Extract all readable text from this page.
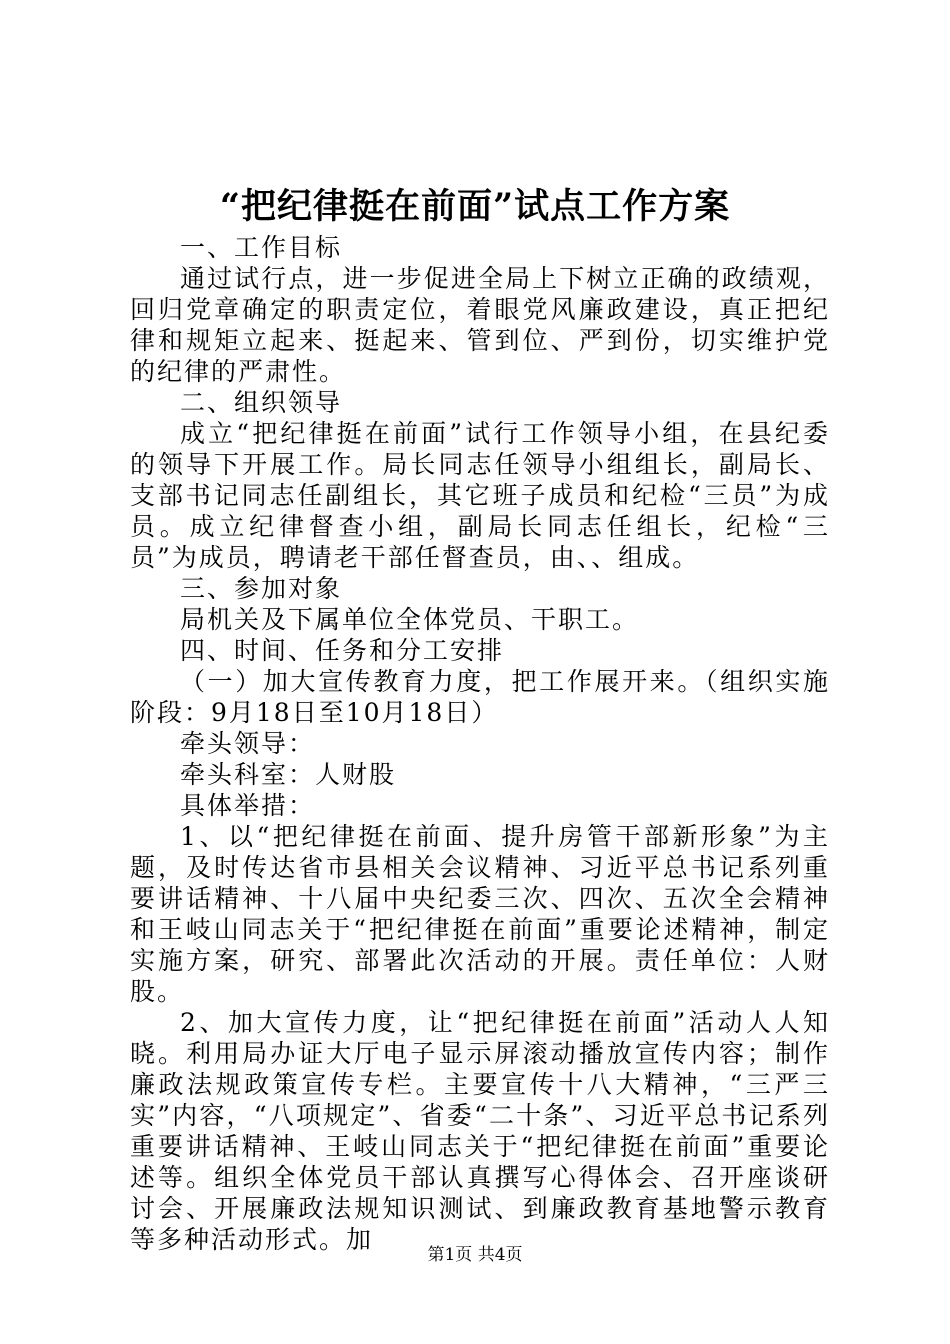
“把纪律挺在前面”试点工作方案

一、工作目标

通过试行点，进一步促进全局上下树立正确的政绩观，回归党章确定的职责定位，着眼党风廉政建设，真正把纪律和规矩立起来、挺起来、管到位、严到份，切实维护党的纪律的严肃性。

二、组织领导

成立“把纪律挺在前面”试行工作领导小组，在县纪委的领导下开展工作。局长同志任领导小组组长，副局长、支部书记同志任副组长，其它班子成员和纪检“三员”为成员。成立纪律督查小组，副局长同志任组长，纪检“三员”为成员，聘请老干部任督查员，由、、组成。

三、参加对象

局机关及下属单位全体党员、干职工。

四、时间、任务和分工安排

（一）加大宣传教育力度，把工作展开来。（组织实施阶段：9月18日至10月18日）

牵头领导：

牵头科室：人财股

具体举措：

1、以“把纪律挺在前面、提升房管干部新形象”为主题，及时传达省市县相关会议精神、习近平总书记系列重要讲话精神、十八届中央纪委三次、四次、五次全会精神和王岐山同志关于“把纪律挺在前面”重要论述精神，制定实施方案，研究、部署此次活动的开展。责任单位：人财股。

2、加大宣传力度，让“把纪律挺在前面”活动人人知晓。利用局办证大厅电子显示屏滚动播放宣传内容；制作廉政法规政策宣传专栏。主要宣传十八大精神，“三严三实”内容，“八项规定”、省委“二十条”、习近平总书记系列重要讲话精神、王岐山同志关于“把纪律挺在前面”重要论述等。组织全体党员干部认真撰写心得体会、召开座谈研讨会、开展廉政法规知识测试、到廉政教育基地警示教育等多种活动形式。加

第1页 共4页
